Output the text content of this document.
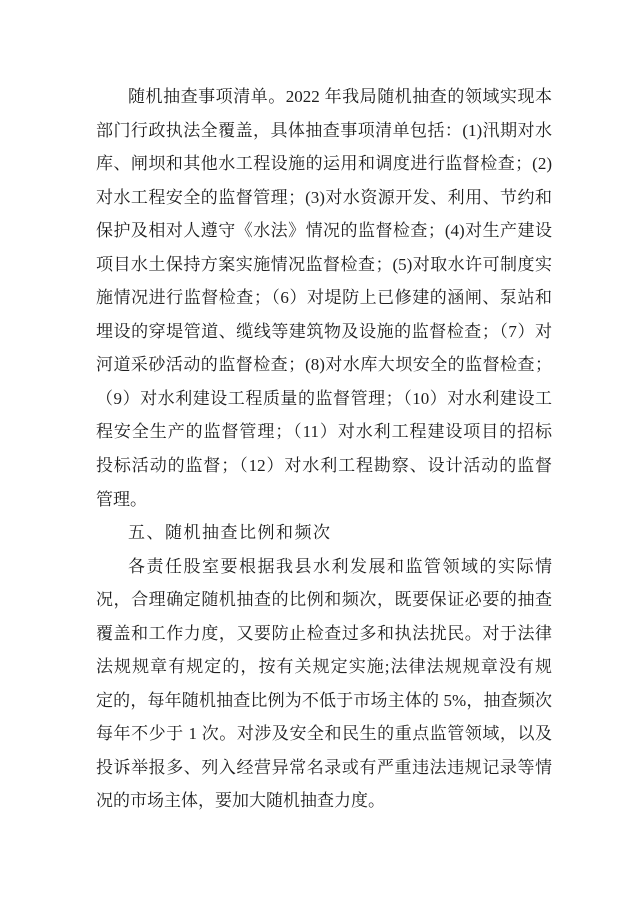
随机抽查事项清单。2022 年我局随机抽查的领域实现本
部门行政执法全覆盖，具体抽查事项清单包括：(1)汛期对水
库、闸坝和其他水工程设施的运用和调度进行监督检查；(2)
对水工程安全的监督管理；(3)对水资源开发、利用、节约和
保护及相对人遵守《水法》情况的监督检查；(4)对生产建设
项目水土保持方案实施情况监督检查；(5)对取水许可制度实
施情况进行监督检查；（6）对堤防上已修建的涵闸、泵站和
埋设的穿堤管道、缆线等建筑物及设施的监督检查；（7）对
河道采砂活动的监督检查；(8)对水库大坝安全的监督检查；
（9）对水利建设工程质量的监督管理；（10）对水利建设工
程安全生产的监督管理；（11）对水利工程建设项目的招标
投标活动的监督；（12）对水利工程勘察、设计活动的监督
管理。
五、随机抽查比例和频次
各责任股室要根据我县水利发展和监管领域的实际情
况，合理确定随机抽查的比例和频次，既要保证必要的抽查
覆盖和工作力度，又要防止检查过多和执法扰民。对于法律
法规规章有规定的，按有关规定实施;法律法规规章没有规
定的，每年随机抽查比例为不低于市场主体的 5%，抽查频次
每年不少于 1 次。对涉及安全和民生的重点监管领域，以及
投诉举报多、列入经营异常名录或有严重违法违规记录等情
况的市场主体，要加大随机抽查力度。
